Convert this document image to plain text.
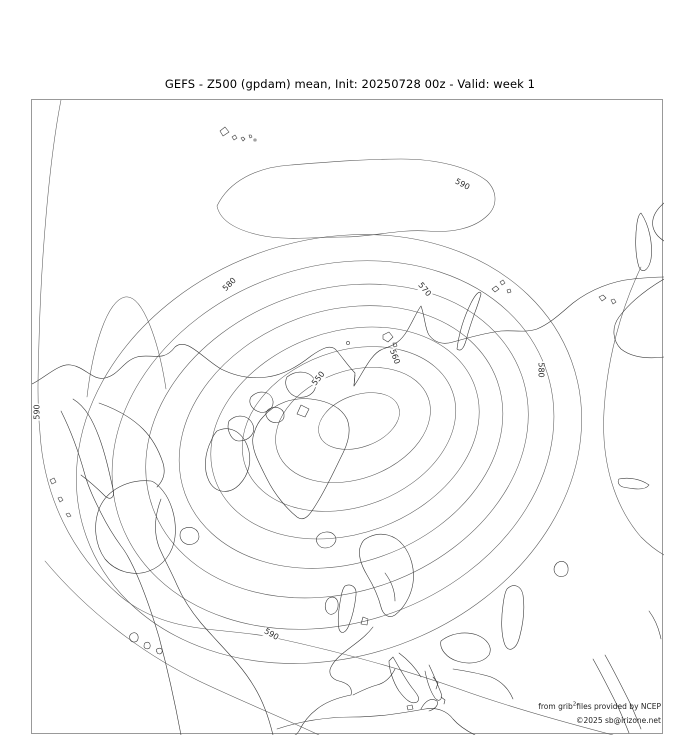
GEFS - Z500 (gpdam) mean, Init: 20250728 00z - Valid: week 1
590
580	570
560
550	580
590
590
from grib$^2$files provided by NCEP
©2025 sb@irizone.net
